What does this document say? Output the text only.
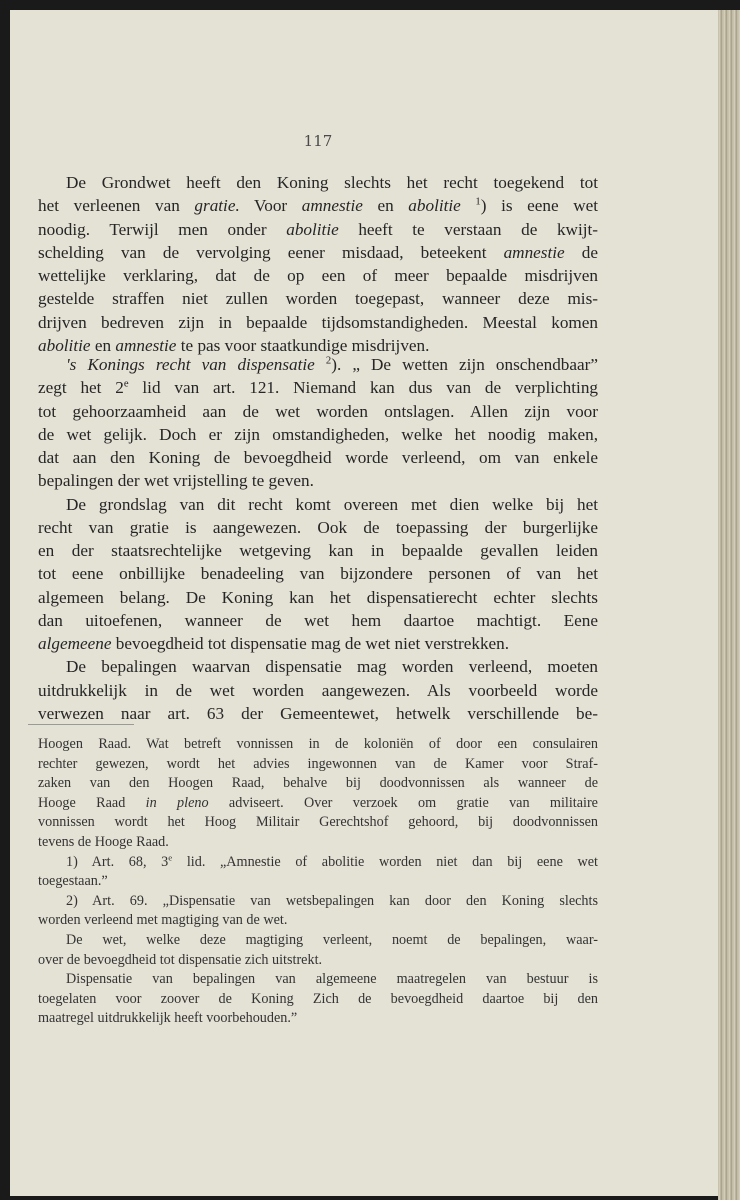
117
De Grondwet heeft den Koning slechts het recht toegekend tot
het verleenen van gratie. Voor amnestie en abolitie $^1$) is eene wet
noodig. Terwijl men onder abolitie heeft te verstaan de kwijt-
schelding van de vervolging eener misdaad, beteekent amnestie de
wettelijke verklaring, dat de op een of meer bepaalde misdrijven
gestelde straffen niet zullen worden toegepast, wanneer deze mis-
drijven bedreven zijn in bepaalde tijdsomstandigheden. Meestal komen
abolitie en amnestie te pas voor staatkundige misdrijven.
's Konings recht van dispensatie $^2$). „ De wetten zijn onschendbaar”
zegt het 2e lid van art. 121. Niemand kan dus van de verplichting
tot gehoorzaamheid aan de wet worden ontslagen. Allen zijn voor
de wet gelijk. Doch er zijn omstandigheden, welke het noodig maken,
dat aan den Koning de bevoegdheid worde verleend, om van enkele
bepalingen der wet vrijstelling te geven.
De grondslag van dit recht komt overeen met dien welke bij het
recht van gratie is aangewezen. Ook de toepassing der burgerlijke
en der staatsrechtelijke wetgeving kan in bepaalde gevallen leiden
tot eene onbillijke benadeeling van bijzondere personen of van het
algemeen belang. De Koning kan het dispensatierecht echter slechts
dan uitoefenen, wanneer de wet hem daartoe machtigt. Eene
algemeene bevoegdheid tot dispensatie mag de wet niet verstrekken.
De bepalingen waarvan dispensatie mag worden verleend, moeten
uitdrukkelijk in de wet worden aangewezen. Als voorbeeld worde
verwezen naar art. 63 der Gemeentewet, hetwelk verschillende be-
Hoogen Raad. Wat betreft vonnissen in de koloniën of door een consulairen
rechter gewezen, wordt het advies ingewonnen van de Kamer voor Straf-
zaken van den Hoogen Raad, behalve bij doodvonnissen als wanneer de
Hooge Raad in pleno adviseert. Over verzoek om gratie van militaire
vonnissen wordt het Hoog Militair Gerechtshof gehoord, bij doodvonnissen
tevens de Hooge Raad.
1) Art. 68, 3e lid. „Amnestie of abolitie worden niet dan bij eene wet
toegestaan.”
2) Art. 69. „Dispensatie van wetsbepalingen kan door den Koning slechts
worden verleend met magtiging van de wet.
De wet, welke deze magtiging verleent, noemt de bepalingen, waar-
over de bevoegdheid tot dispensatie zich uitstrekt.
Dispensatie van bepalingen van algemeene maatregelen van bestuur is
toegelaten voor zoover de Koning Zich de bevoegdheid daartoe bij den
maatregel uitdrukkelijk heeft voorbehouden.”
